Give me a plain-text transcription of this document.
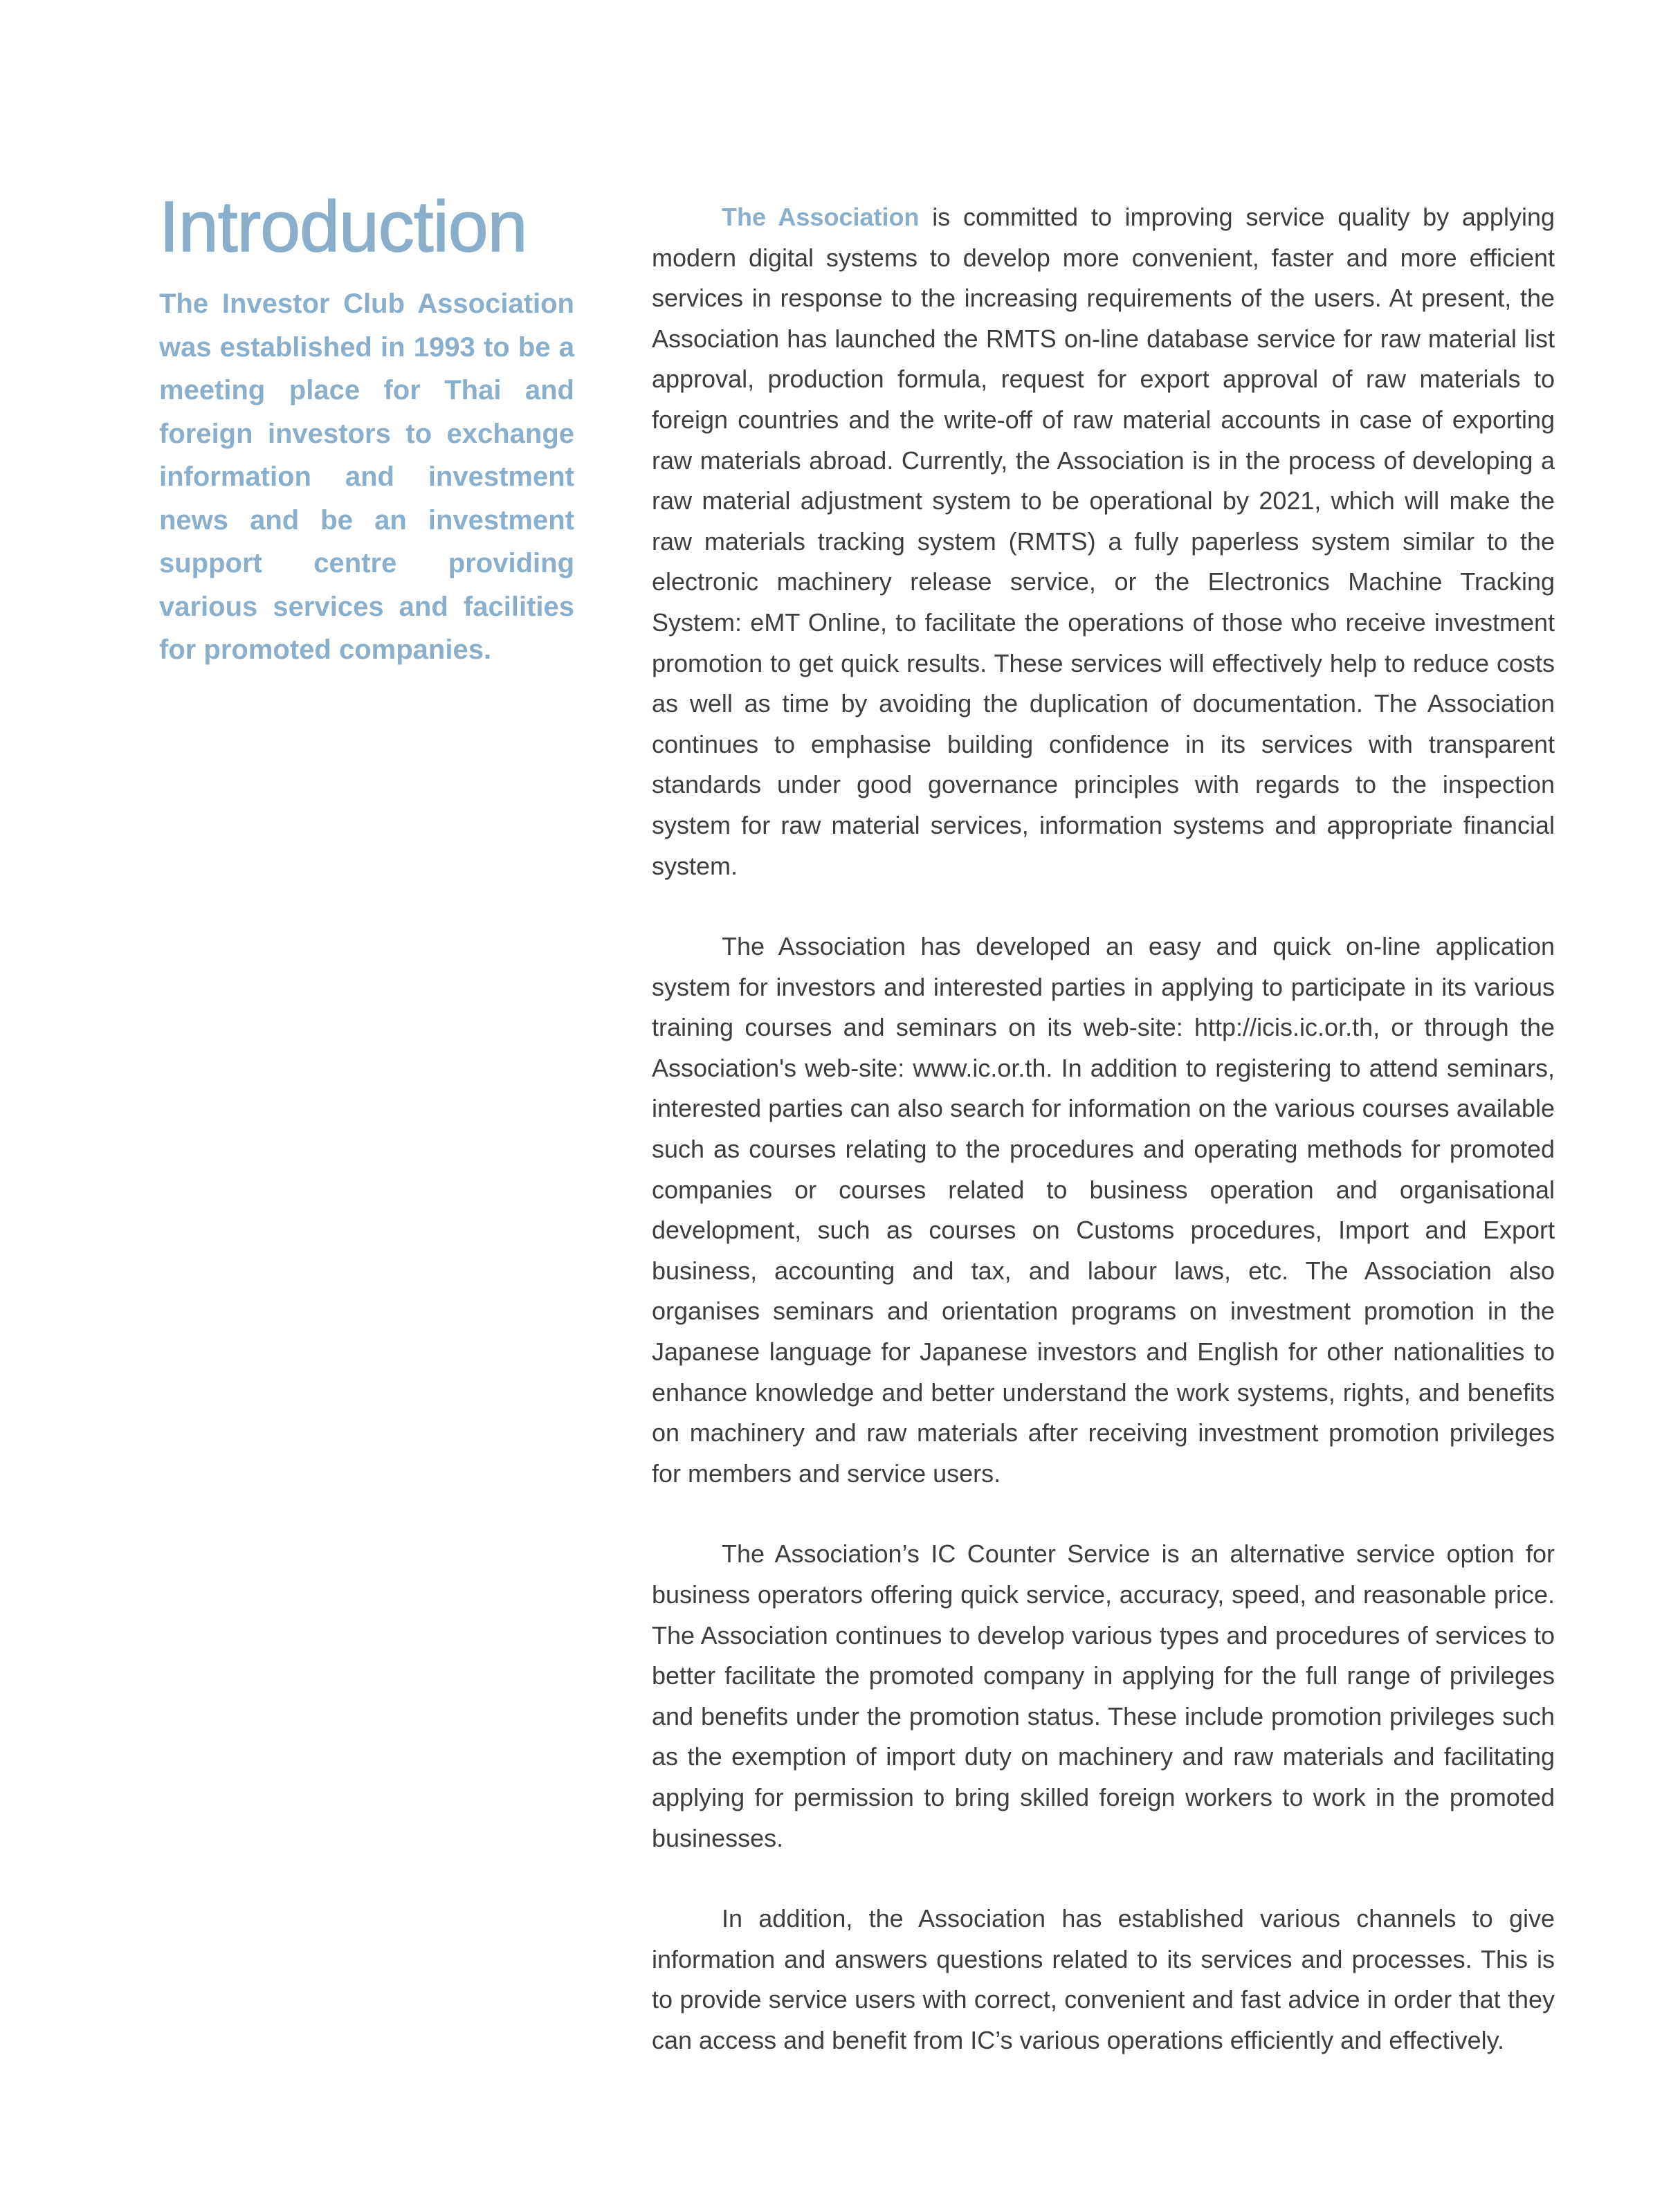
Introduction

The Investor Club Association was established in 1993 to be a meeting place for Thai and foreign investors to exchange information and investment news and be an investment support centre providing various services and facilities for promoted companies.

The Association is committed to improving service quality by applying modern digital systems to develop more convenient, faster and more efficient services in response to the increasing requirements of the users. At present, the Association has launched the RMTS on-line database service for raw material list approval, production formula, request for export approval of raw materials to foreign countries and the write-off of raw material accounts in case of exporting raw materials abroad. Currently, the Association is in the process of developing a raw material adjustment system to be operational by 2021, which will make the raw materials tracking system (RMTS) a fully paperless system similar to the electronic machinery release service, or the Electronics Machine Tracking System: eMT Online, to facilitate the operations of those who receive investment promotion to get quick results. These services will effectively help to reduce costs as well as time by avoiding the duplication of documentation. The Association continues to emphasise building confidence in its services with transparent standards under good governance principles with regards to the inspection system for raw material services, information systems and appropriate financial system.

The Association has developed an easy and quick on-line application system for investors and interested parties in applying to participate in its various training courses and seminars on its web-site: http://icis.ic.or.th, or through the Association's web-site: www.ic.or.th. In addition to registering to attend seminars, interested parties can also search for information on the various courses available such as courses relating to the procedures and operating methods for promoted companies or courses related to business operation and organisational development, such as courses on Customs procedures, Import and Export business, accounting and tax, and labour laws, etc. The Association also organises seminars and orientation programs on investment promotion in the Japanese language for Japanese investors and English for other nationalities to enhance knowledge and better understand the work systems, rights, and benefits on machinery and raw materials after receiving investment promotion privileges for members and service users.

The Association’s IC Counter Service is an alternative service option for business operators offering quick service, accuracy, speed, and reasonable price. The Association continues to develop various types and procedures of services to better facilitate the promoted company in applying for the full range of privileges and benefits under the promotion status. These include promotion privileges such as the exemption of import duty on machinery and raw materials and facilitating applying for permission to bring skilled foreign workers to work in the promoted businesses.

In addition, the Association has established various channels to give information and answers questions related to its services and processes. This is to provide service users with correct, convenient and fast advice in order that they can access and benefit from IC’s various operations efficiently and effectively.
